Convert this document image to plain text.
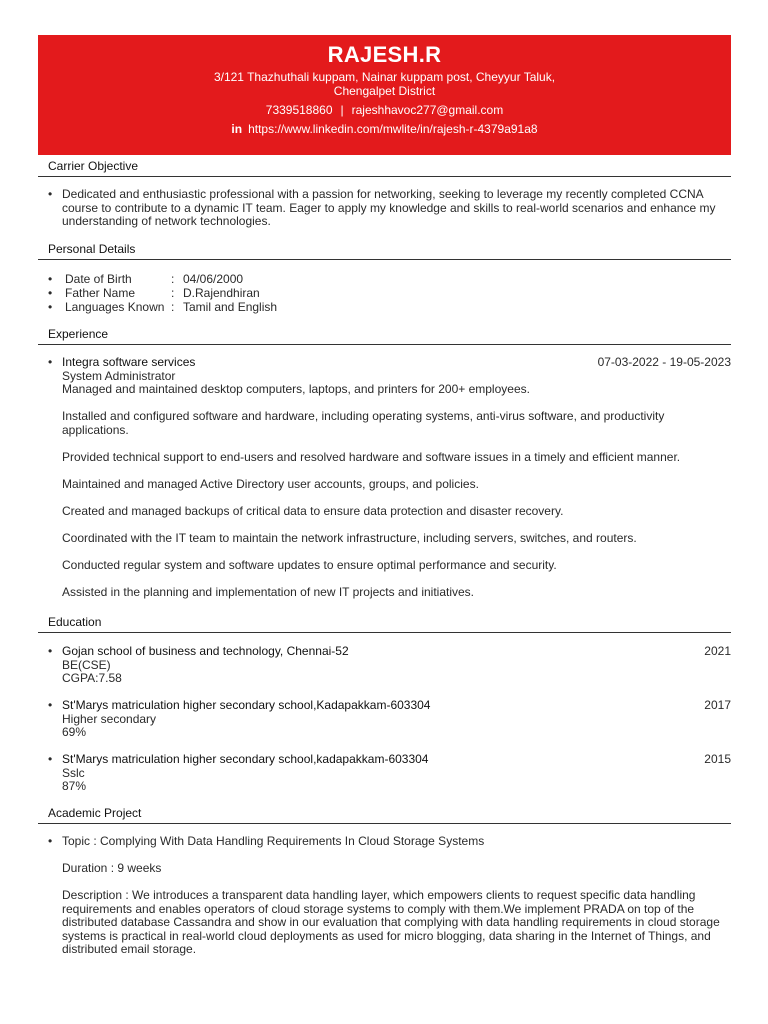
RAJESH.R
3/121 Thazhuthali kuppam, Nainar kuppam post, Cheyyur Taluk,
Chengalpet District
7339518860 | rajeshhavoc277@gmail.com
in https://www.linkedin.com/mwlite/in/rajesh-r-4379a91a8
Carrier Objective
• Dedicated and enthusiastic professional with a passion for networking, seeking to leverage my recently completed CCNA course to contribute to a dynamic IT team. Eager to apply my knowledge and skills to real-world scenarios and enhance my understanding of network technologies.
Personal Details
• Date of Birth	: 04/06/2000
• Father Name	: D.Rajendhiran
• Languages Known : Tamil and English
Experience
• Integra software services	07-03-2022 - 19-05-2023
System Administrator
Managed and maintained desktop computers, laptops, and printers for 200+ employees.
Installed and configured software and hardware, including operating systems, anti-virus software, and productivity applications.
Provided technical support to end-users and resolved hardware and software issues in a timely and efficient manner.
Maintained and managed Active Directory user accounts, groups, and policies.
Created and managed backups of critical data to ensure data protection and disaster recovery.
Coordinated with the IT team to maintain the network infrastructure, including servers, switches, and routers.
Conducted regular system and software updates to ensure optimal performance and security.
Assisted in the planning and implementation of new IT projects and initiatives.
Education
• Gojan school of business and technology, Chennai-52	2021
BE(CSE)
CGPA:7.58
• St'Marys matriculation higher secondary school,Kadapakkam-603304	2017
Higher secondary
69%
• St'Marys matriculation higher secondary school,kadapakkam-603304	2015
Sslc
87%
Academic Project
• Topic : Complying With Data Handling Requirements In Cloud Storage Systems
Duration : 9 weeks
Description : We introduces a transparent data handling layer, which empowers clients to request specific data handling requirements and enables operators of cloud storage systems to comply with them.We implement PRADA on top of the distributed database Cassandra and show in our evaluation that complying with data handling requirements in cloud storage systems is practical in real-world cloud deployments as used for micro blogging, data sharing in the Internet of Things, and distributed email storage.
